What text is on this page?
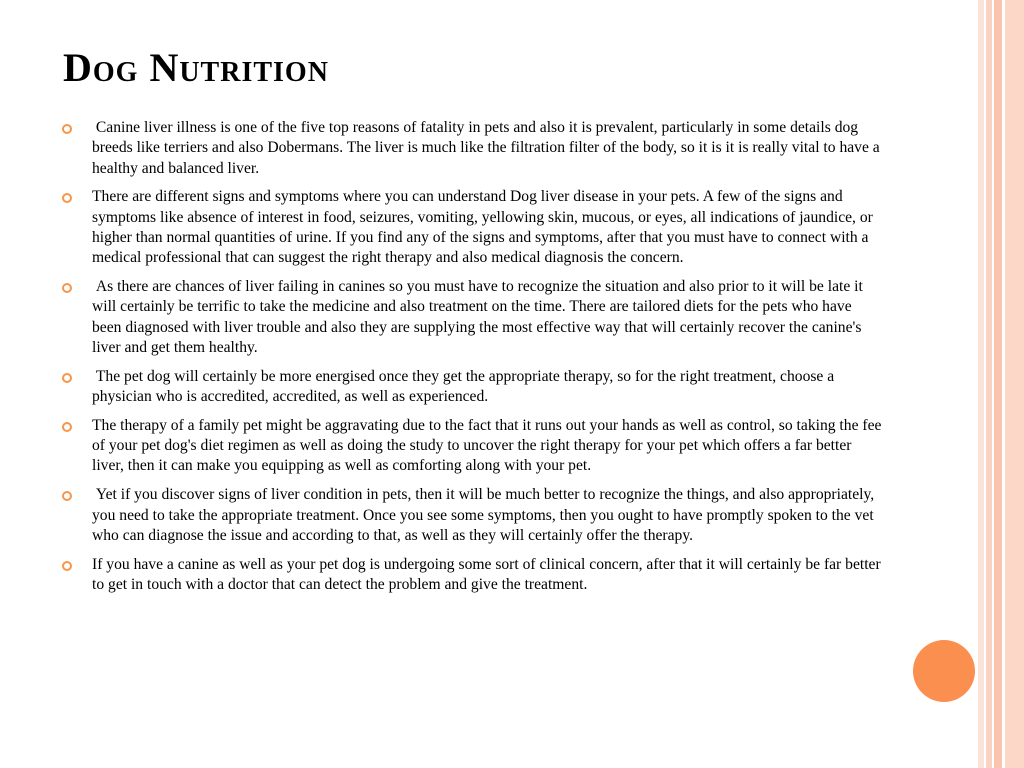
Dog Nutrition
Canine liver illness is one of the five top reasons of fatality in pets and also it is prevalent, particularly in some details dog breeds like terriers and also Dobermans. The liver is much like the filtration filter of the body, so it is it is really vital to have a healthy and balanced liver.
There are different signs and symptoms where you can understand Dog liver disease in your pets. A few of the signs and symptoms like absence of interest in food, seizures, vomiting, yellowing skin, mucous, or eyes, all indications of jaundice, or higher than normal quantities of urine. If you find any of the signs and symptoms, after that you must have to connect with a medical professional that can suggest the right therapy and also medical diagnosis the concern.
As there are chances of liver failing in canines so you must have to recognize the situation and also prior to it will be late it will certainly be terrific to take the medicine and also treatment on the time. There are tailored diets for the pets who have been diagnosed with liver trouble and also they are supplying the most effective way that will certainly recover the canine's liver and get them healthy.
The pet dog will certainly be more energised once they get the appropriate therapy, so for the right treatment, choose a physician who is accredited, accredited, as well as experienced.
The therapy of a family pet might be aggravating due to the fact that it runs out your hands as well as control, so taking the fee of your pet dog's diet regimen as well as doing the study to uncover the right therapy for your pet which offers a far better liver, then it can make you equipping as well as comforting along with your pet.
Yet if you discover signs of liver condition in pets, then it will be much better to recognize the things, and also appropriately, you need to take the appropriate treatment. Once you see some symptoms, then you ought to have promptly spoken to the vet who can diagnose the issue and according to that, as well as they will certainly offer the therapy.
If you have a canine as well as your pet dog is undergoing some sort of clinical concern, after that it will certainly be far better to get in touch with a doctor that can detect the problem and give the treatment.
